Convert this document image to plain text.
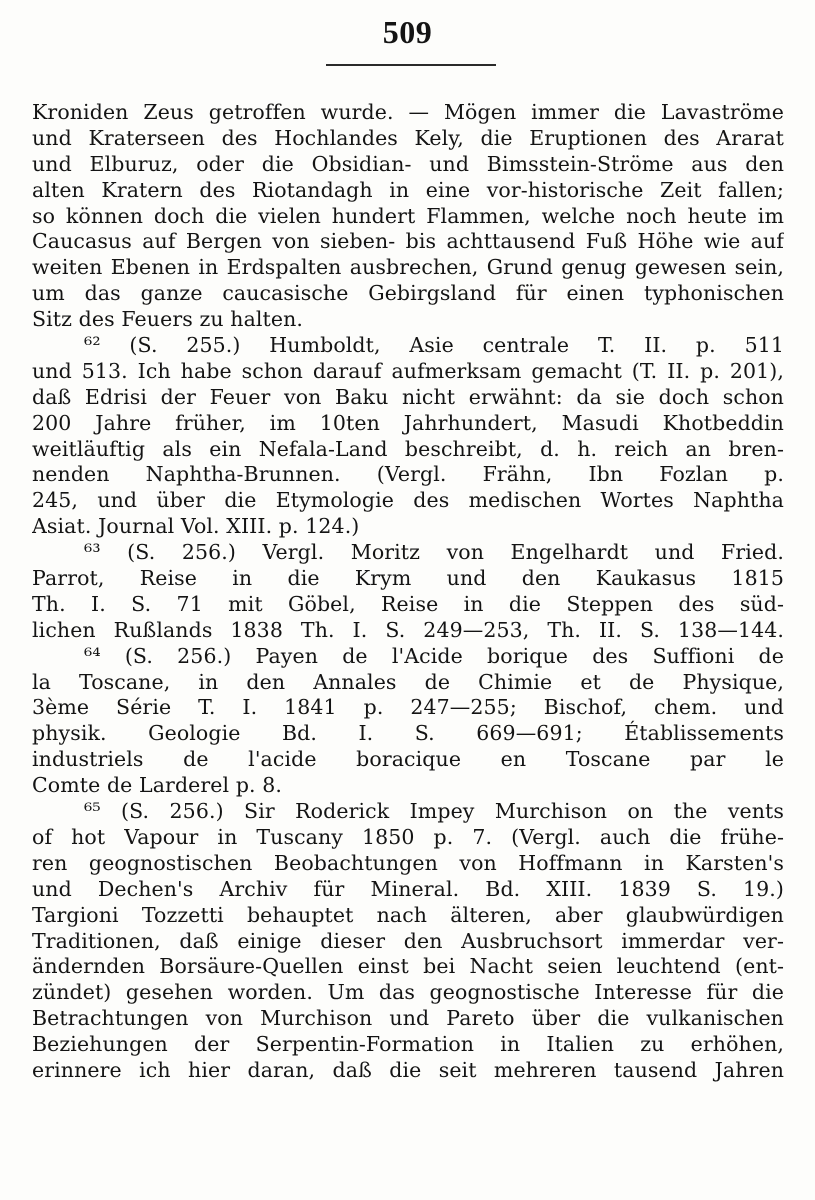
509
Kroniden Zeus getroffen wurde. — Mögen immer die Lavaströme
und Kraterseen des Hochlandes Kely, die Eruptionen des Ararat
und Elburuz, oder die Obsidian- und Bimsstein-Ströme aus den
alten Kratern des Riotandagh in eine vor-historische Zeit fallen;
so können doch die vielen hundert Flammen, welche noch heute im
Caucasus auf Bergen von sieben- bis achttausend Fuß Höhe wie auf
weiten Ebenen in Erdspalten ausbrechen, Grund genug gewesen sein,
um das ganze caucasische Gebirgsland für einen typhonischen
Sitz des Feuers zu halten.
⁶² (S. 255.) Humboldt, Asie centrale T. II. p. 511
und 513. Ich habe schon darauf aufmerksam gemacht (T. II. p. 201),
daß Edrisi der Feuer von Baku nicht erwähnt: da sie doch schon
200 Jahre früher, im 10ten Jahrhundert, Masudi Khotbeddin
weitläuftig als ein Nefala-Land beschreibt, d. h. reich an bren-
nenden Naphtha-Brunnen. (Vergl. Frähn, Ibn Fozlan p.
245, und über die Etymologie des medischen Wortes Naphtha
Asiat. Journal Vol. XIII. p. 124.)
⁶³ (S. 256.) Vergl. Moritz von Engelhardt und Fried.
Parrot, Reise in die Krym und den Kaukasus 1815
Th. I. S. 71 mit Göbel, Reise in die Steppen des süd-
lichen Rußlands 1838 Th. I. S. 249—253, Th. II. S. 138—144.
⁶⁴ (S. 256.) Payen de l'Acide borique des Suffioni de
la Toscane, in den Annales de Chimie et de Physique,
3ème Série T. I. 1841 p. 247—255; Bischof, chem. und
physik. Geologie Bd. I. S. 669—691; Établissements
industriels de l'acide boracique en Toscane par le
Comte de Larderel p. 8.
⁶⁵ (S. 256.) Sir Roderick Impey Murchison on the vents
of hot Vapour in Tuscany 1850 p. 7. (Vergl. auch die frühe-
ren geognostischen Beobachtungen von Hoffmann in Karsten's
und Dechen's Archiv für Mineral. Bd. XIII. 1839 S. 19.)
Targioni Tozzetti behauptet nach älteren, aber glaubwürdigen
Traditionen, daß einige dieser den Ausbruchsort immerdar ver-
ändernden Borsäure-Quellen einst bei Nacht seien leuchtend (ent-
zündet) gesehen worden. Um das geognostische Interesse für die
Betrachtungen von Murchison und Pareto über die vulkanischen
Beziehungen der Serpentin-Formation in Italien zu erhöhen,
erinnere ich hier daran, daß die seit mehreren tausend Jahren
